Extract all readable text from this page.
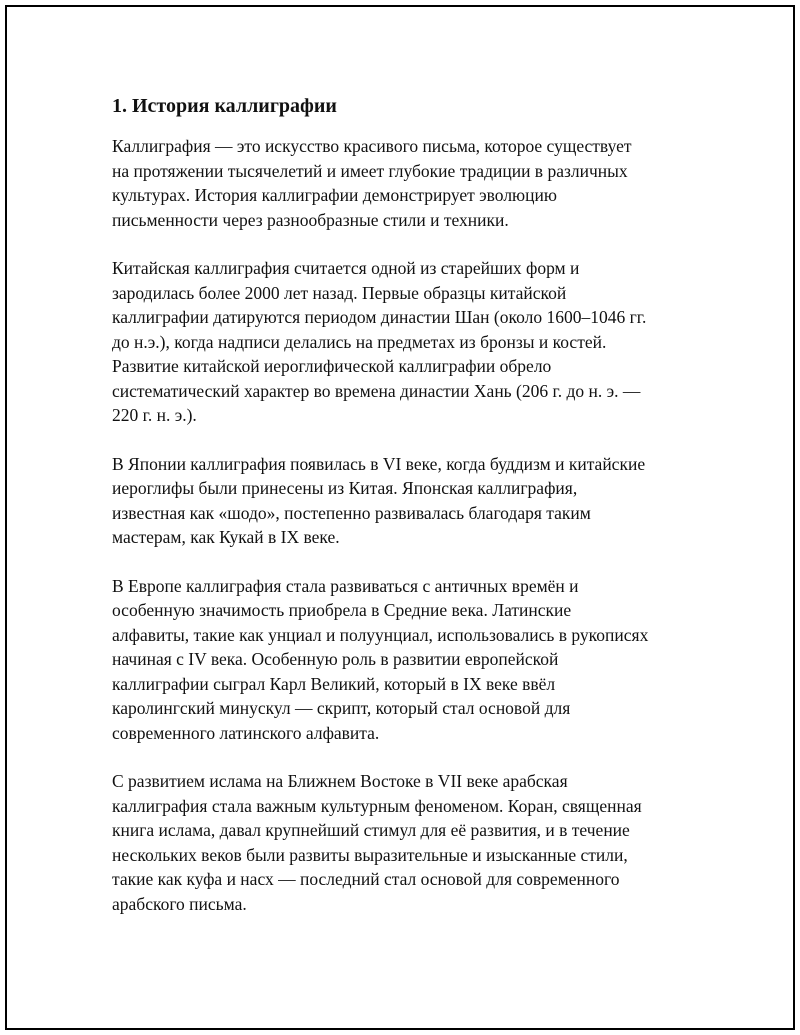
1. История каллиграфии

Каллиграфия — это искусство красивого письма, которое существует
на протяжении тысячелетий и имеет глубокие традиции в различных
культурах. История каллиграфии демонстрирует эволюцию
письменности через разнообразные стили и техники.

Китайская каллиграфия считается одной из старейших форм и
зародилась более 2000 лет назад. Первые образцы китайской
каллиграфии датируются периодом династии Шан (около 1600–1046 гг.
до н.э.), когда надписи делались на предметах из бронзы и костей.
Развитие китайской иероглифической каллиграфии обрело
систематический характер во времена династии Хань (206 г. до н. э. —
220 г. н. э.).

В Японии каллиграфия появилась в VI веке, когда буддизм и китайские
иероглифы были принесены из Китая. Японская каллиграфия,
известная как «шодо», постепенно развивалась благодаря таким
мастерам, как Кукай в IX веке.

В Европе каллиграфия стала развиваться с античных времён и
особенную значимость приобрела в Средние века. Латинские
алфавиты, такие как унциал и полуунциал, использовались в рукописях
начиная с IV века. Особенную роль в развитии европейской
каллиграфии сыграл Карл Великий, который в IX веке ввёл
каролингский минускул — скрипт, который стал основой для
современного латинского алфавита.

С развитием ислама на Ближнем Востоке в VII веке арабская
каллиграфия стала важным культурным феноменом. Коран, священная
книга ислама, давал крупнейший стимул для её развития, и в течение
нескольких веков были развиты выразительные и изысканные стили,
такие как куфа и насх — последний стал основой для современного
арабского письма.
